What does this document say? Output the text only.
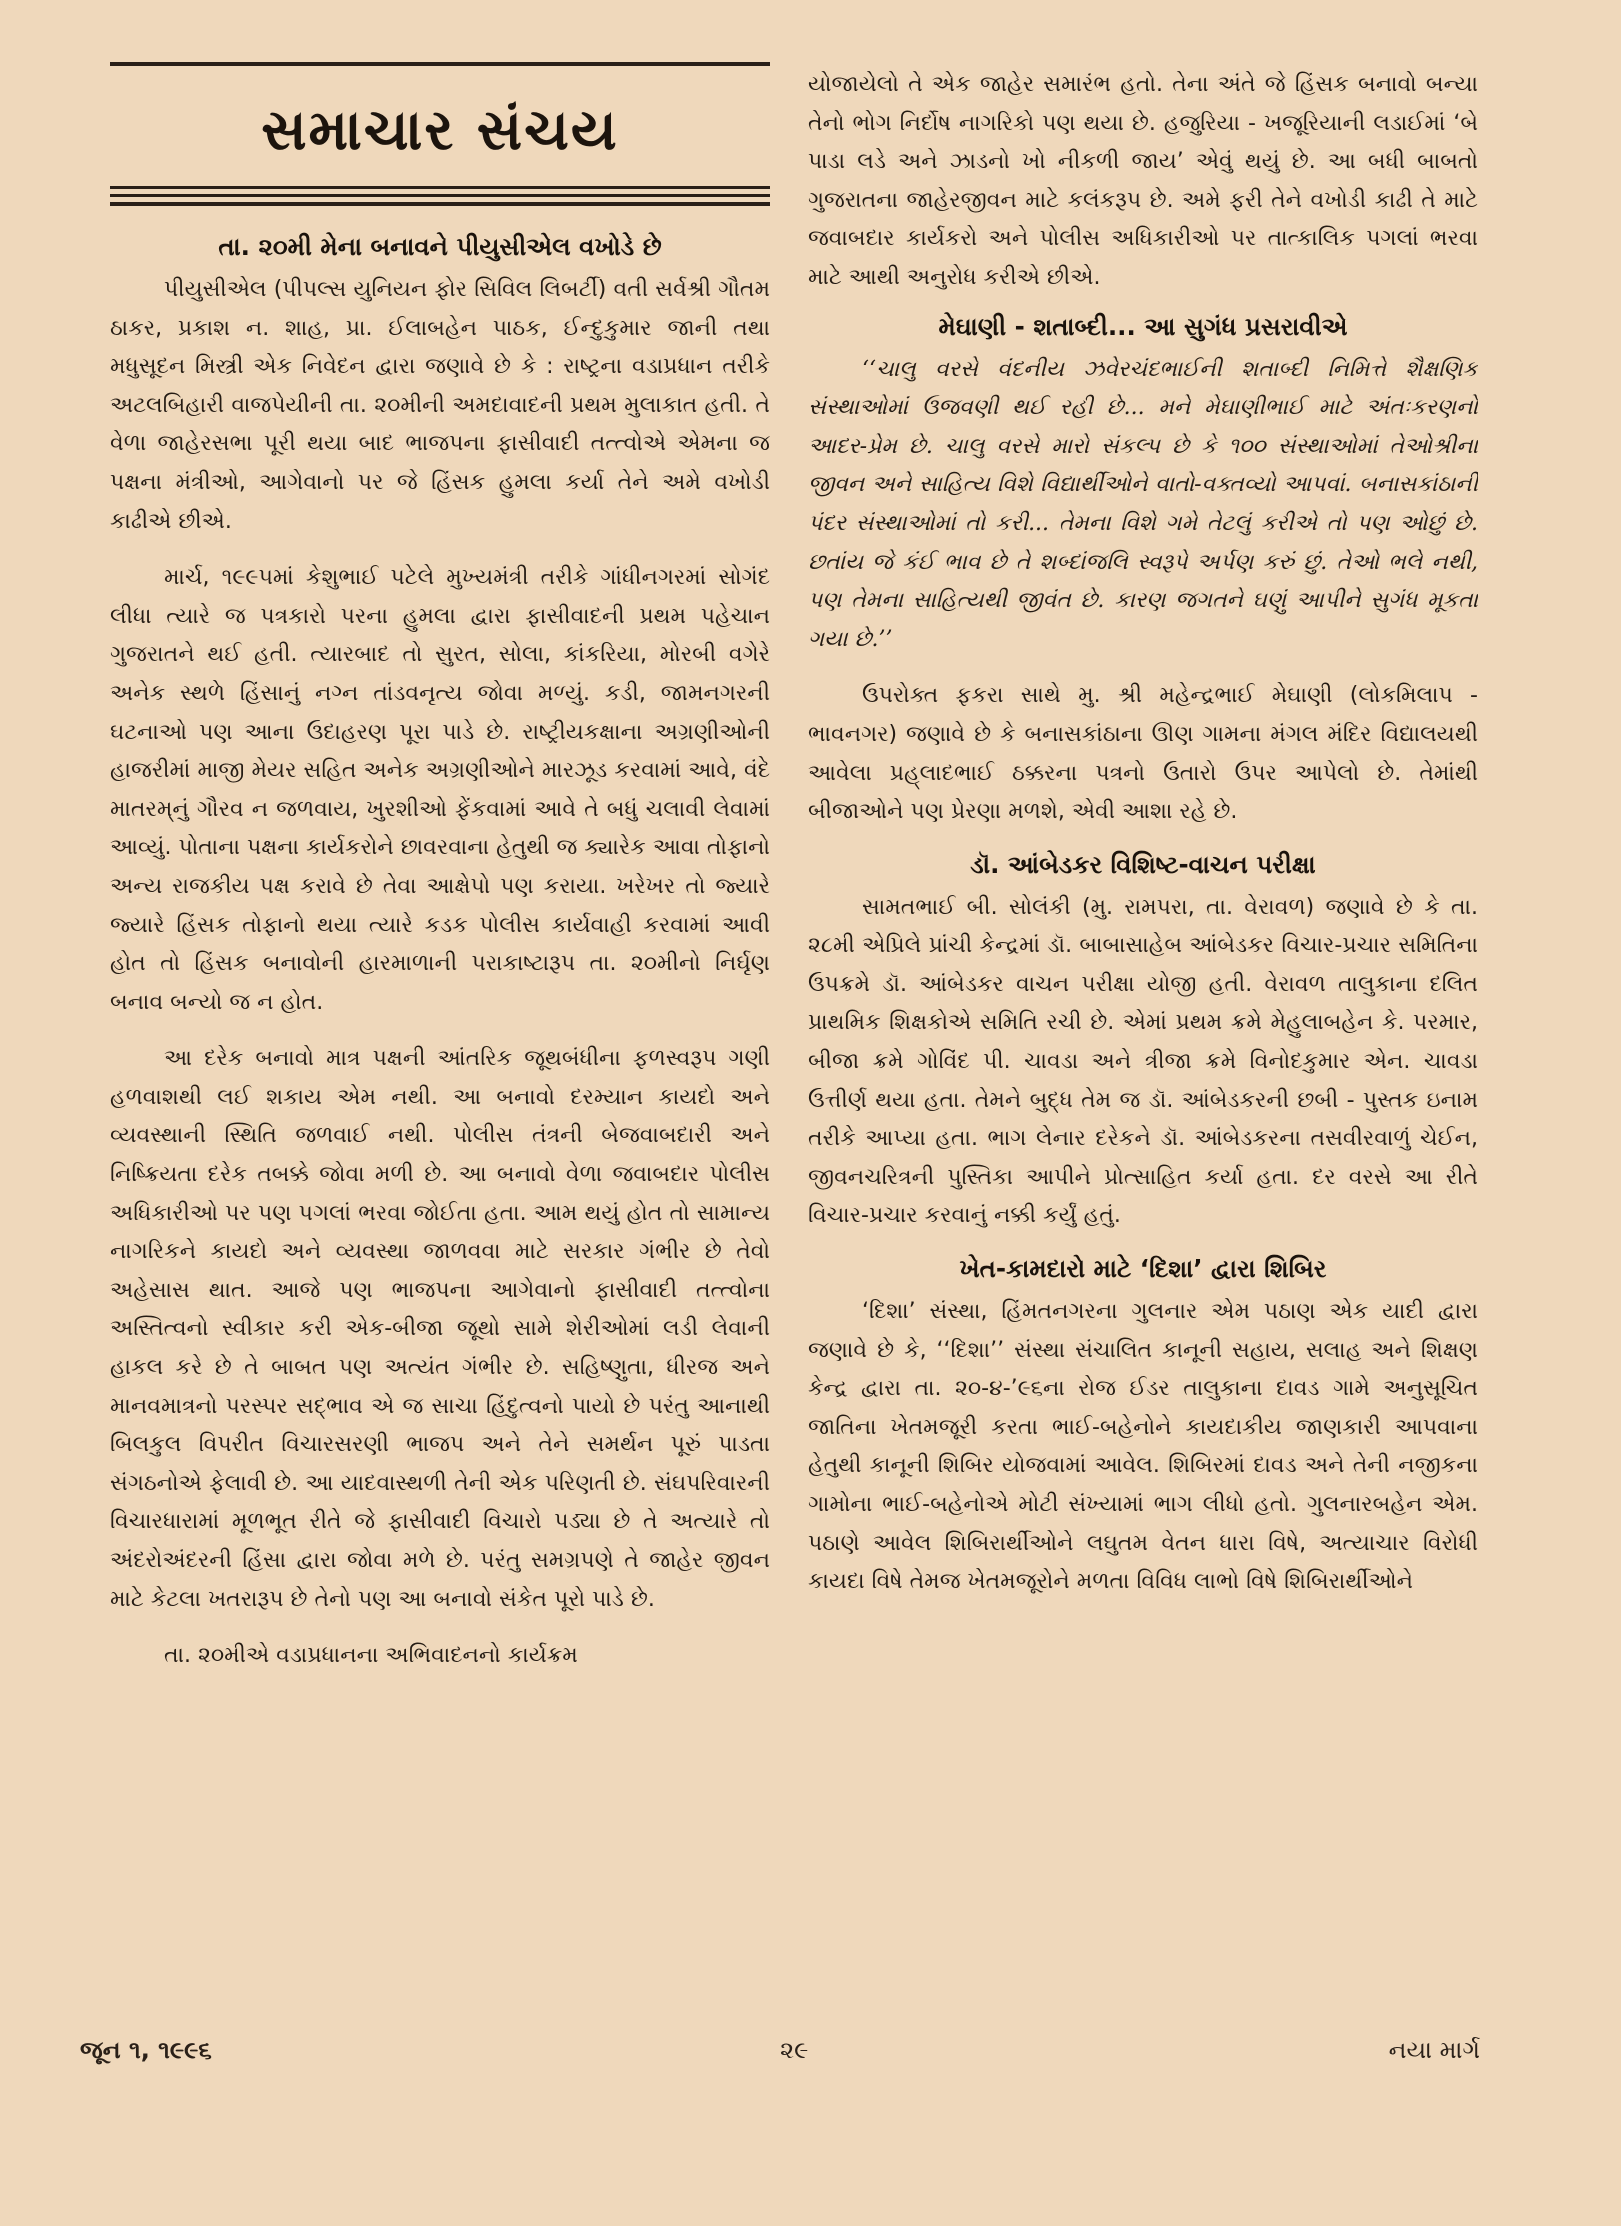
સમાચાર સંચય
તા. ૨૦મી મેના બનાવને પીયુસીએલ વખોડે છે

પીયુસીએલ (પીપલ્સ યુનિયન ફોર સિવિલ લિબર્ટી) વતી સર્વશ્રી ગૌતમ ઠાકર, પ્રકાશ ન. શાહ, પ્રા. ઈલાબહેન પાઠક, ઈન્દુકુમાર જાની તથા મધુસૂદન મિસ્ત્રી એક નિવેદન દ્વારા જણાવે છે કે : રાષ્ટ્રના વડાપ્રધાન તરીકે અટલબિહારી વાજપેયીની તા. ૨૦મીની અમદાવાદની પ્રથમ મુલાકાત હતી. તે વેળા જાહેરસભા પૂરી થયા બાદ ભાજપના ફાસીવાદી તત્ત્વોએ એમના જ પક્ષના મંત્રીઓ, આગેવાનો પર જે હિંસક હુમલા કર્યા તેને અમે વખોડી કાઢીએ છીએ.

માર્ચ, ૧૯૯૫માં કેશુભાઈ પટેલે મુખ્યમંત્રી તરીકે ગાંધીનગરમાં સોગંદ લીધા ત્યારે જ પત્રકારો પરના હુમલા દ્વારા ફાસીવાદની પ્રથમ પહેચાન ગુજરાતને થઈ હતી. ત્યારબાદ તો સુરત, સોલા, કાંકરિયા, મોરબી વગેરે અનેક સ્થળે હિંસાનું નગ્ન તાંડવનૃત્ય જોવા મળ્યું. કડી, જામનગરની ઘટનાઓ પણ આના ઉદાહરણ પૂરા પાડે છે. રાષ્ટ્રીયકક્ષાના અગ્રણીઓની હાજરીમાં માજી મેયર સહિત અનેક અગ્રણીઓને મારઝૂડ કરવામાં આવે, વંદે માતરમ્‌નું ગૌરવ ન જળવાય, ખુરશીઓ ફેંકવામાં આવે તે બધું ચલાવી લેવામાં આવ્યું. પોતાના પક્ષના કાર્યકરોને છાવરવાના હેતુથી જ ક્યારેક આવા તોફાનો અન્ય રાજકીય પક્ષ કરાવે છે તેવા આક્ષેપો પણ કરાયા. ખરેખર તો જ્યારે જ્યારે હિંસક તોફાનો થયા ત્યારે કડક પોલીસ કાર્યવાહી કરવામાં આવી હોત તો હિંસક બનાવોની હારમાળાની પરાકાષ્ટારૂપ તા. ૨૦મીનો નિર્ઘૃણ બનાવ બન્યો જ ન હોત.

આ દરેક બનાવો માત્ર પક્ષની આંતરિક જૂથબંધીના ફળસ્વરૂપ ગણી હળવાશથી લઈ શકાય એમ નથી. આ બનાવો દરમ્યાન કાયદો અને વ્યવસ્થાની સ્થિતિ જળવાઈ નથી. પોલીસ તંત્રની બેજવાબદારી અને નિષ્ક્રિયતા દરેક તબક્કે જોવા મળી છે. આ બનાવો વેળા જવાબદાર પોલીસ અધિકારીઓ પર પણ પગલાં ભરવા જોઈતા હતા. આમ થયું હોત તો સામાન્ય નાગરિકને કાયદો અને વ્યવસ્થા જાળવવા માટે સરકાર ગંભીર છે તેવો અહેસાસ થાત. આજે પણ ભાજપના આગેવાનો ફાસીવાદી તત્ત્વોના અસ્તિત્વનો સ્વીકાર કરી એક-બીજા જૂથો સામે શેરીઓમાં લડી લેવાની હાકલ કરે છે તે બાબત પણ અત્યંત ગંભીર છે. સહિષ્ણુતા, ધીરજ અને માનવમાત્રનો પરસ્પર સદ્‌ભાવ એ જ સાચા હિંદુત્વનો પાયો છે પરંતુ આનાથી બિલકુલ વિપરીત વિચારસરણી ભાજપ અને તેને સમર્થન પૂરું પાડતા સંગઠનોએ ફેલાવી છે. આ યાદવાસ્થળી તેની એક પરિણતી છે. સંઘપરિવારની વિચારધારામાં મૂળભૂત રીતે જે ફાસીવાદી વિચારો પડ્યા છે તે અત્યારે તો અંદરોઅંદરની હિંસા દ્વારા જોવા મળે છે. પરંતુ સમગ્રપણે તે જાહેર જીવન માટે કેટલા ખતરારૂપ છે તેનો પણ આ બનાવો સંકેત પૂરો પાડે છે.

તા. ૨૦મીએ વડાપ્રધાનના અભિવાદનનો કાર્યક્રમ

યોજાયેલો તે એક જાહેર સમારંભ હતો. તેના અંતે જે હિંસક બનાવો બન્યા તેનો ભોગ નિર્દોષ નાગરિકો પણ થયા છે. હજુરિયા - ખજૂરિયાની લડાઈમાં ‘બે પાડા લડે અને ઝાડનો ખો નીકળી જાય’ એવું થયું છે. આ બધી બાબતો ગુજરાતના જાહેરજીવન માટે કલંકરૂપ છે. અમે ફરી તેને વખોડી કાઢી તે માટે જવાબદાર કાર્યકરો અને પોલીસ અધિકારીઓ પર તાત્કાલિક પગલાં ભરવા માટે આથી અનુરોધ કરીએ છીએ.

મેઘાણી - શતાબ્દી... આ સુગંધ પ્રસરાવીએ

‘‘ચાલુ વરસે વંદનીય ઝવેરચંદભાઈની શતાબ્દી નિમિત્તે શૈક્ષણિક સંસ્થાઓમાં ઉજવણી થઈ રહી છે... મને મેઘાણીભાઈ માટે અંતઃકરણનો આદર-પ્રેમ છે. ચાલુ વરસે મારો સંકલ્પ છે કે ૧૦૦ સંસ્થાઓમાં તેઓશ્રીના જીવન અને સાહિત્ય વિશે વિદ્યાર્થીઓને વાતો-વક્તવ્યો આપવાં. બનાસકાંઠાની પંદર સંસ્થાઓમાં તો કરી... તેમના વિશે ગમે તેટલું કરીએ તો પણ ઓછું છે. છતાંય જે કંઈ ભાવ છે તે શબ્દાંજલિ સ્વરૂપે અર્પણ કરું છું. તેઓ ભલે નથી, પણ તેમના સાહિત્યથી જીવંત છે. કારણ જગતને ઘણું આપીને સુગંધ મૂકતા ગયા છે.’’

ઉપરોક્ત ફકરા સાથે મુ. શ્રી મહેન્દ્રભાઈ મેઘાણી (લોકમિલાપ - ભાવનગર) જણાવે છે કે બનાસકાંઠાના ઊણ ગામના મંગલ મંદિર વિદ્યાલયથી આવેલા પ્રહ્‌લાદભાઈ ઠક્કરના પત્રનો ઉતારો ઉપર આપેલો છે. તેમાંથી બીજાઓને પણ પ્રેરણા મળશે, એવી આશા રહે છે.

ડૉ. આંબેડકર વિશિષ્ટ-વાચન પરીક્ષા

સામતભાઈ બી. સોલંકી (મુ. રામપરા, તા. વેરાવળ) જણાવે છે કે તા. ૨૮મી એપ્રિલે પ્રાંચી કેન્દ્રમાં ડૉ. બાબાસાહેબ આંબેડકર વિચાર-પ્રચાર સમિતિના ઉપક્રમે ડૉ. આંબેડકર વાચન પરીક્ષા યોજી હતી. વેરાવળ તાલુકાના દલિત પ્રાથમિક શિક્ષકોએ સમિતિ રચી છે. એમાં પ્રથમ ક્રમે મેહુલાબહેન કે. પરમાર, બીજા ક્રમે ગોવિંદ પી. ચાવડા અને ત્રીજા ક્રમે વિનોદકુમાર એન. ચાવડા ઉત્તીર્ણ થયા હતા. તેમને બુદ્ધ તેમ જ ડૉ. આંબેડકરની છબી - પુસ્તક ઇનામ તરીકે આપ્યા હતા. ભાગ લેનાર દરેકને ડૉ. આંબેડકરના તસવીરવાળું ચેઈન, જીવનચરિત્રની પુસ્તિકા આપીને પ્રોત્સાહિત કર્યા હતા. દર વરસે આ રીતે વિચાર-પ્રચાર કરવાનું નક્કી કર્યું હતું.

ખેત-કામદારો માટે ‘દિશા’ દ્વારા શિબિર

‘દિશા’ સંસ્થા, હિંમતનગરના ગુલનાર એમ પઠાણ એક યાદી દ્વારા જણાવે છે કે, ‘‘દિશા’’ સંસ્થા સંચાલિત કાનૂની સહાય, સલાહ અને શિક્ષણ કેન્દ્ર દ્વારા તા. ૨૦-૪-’૯૬ના રોજ ઈડર તાલુકાના દાવડ ગામે અનુસૂચિત જાતિના ખેતમજૂરી કરતા ભાઈ-બહેનોને કાયદાકીય જાણકારી આપવાના હેતુથી કાનૂની શિબિર યોજવામાં આવેલ. શિબિરમાં દાવડ અને તેની નજીકના ગામોના ભાઈ-બહેનોએ મોટી સંખ્યામાં ભાગ લીધો હતો. ગુલનારબહેન એમ. પઠાણે આવેલ શિબિરાર્થીઓને લઘુતમ વેતન ધારા વિષે, અત્યાચાર વિરોધી કાયદા વિષે તેમજ ખેતમજૂરોને મળતા વિવિધ લાભો વિષે શિબિરાર્થીઓને

જૂન ૧, ૧૯૯૬	૨૯	નયા માર્ગ
